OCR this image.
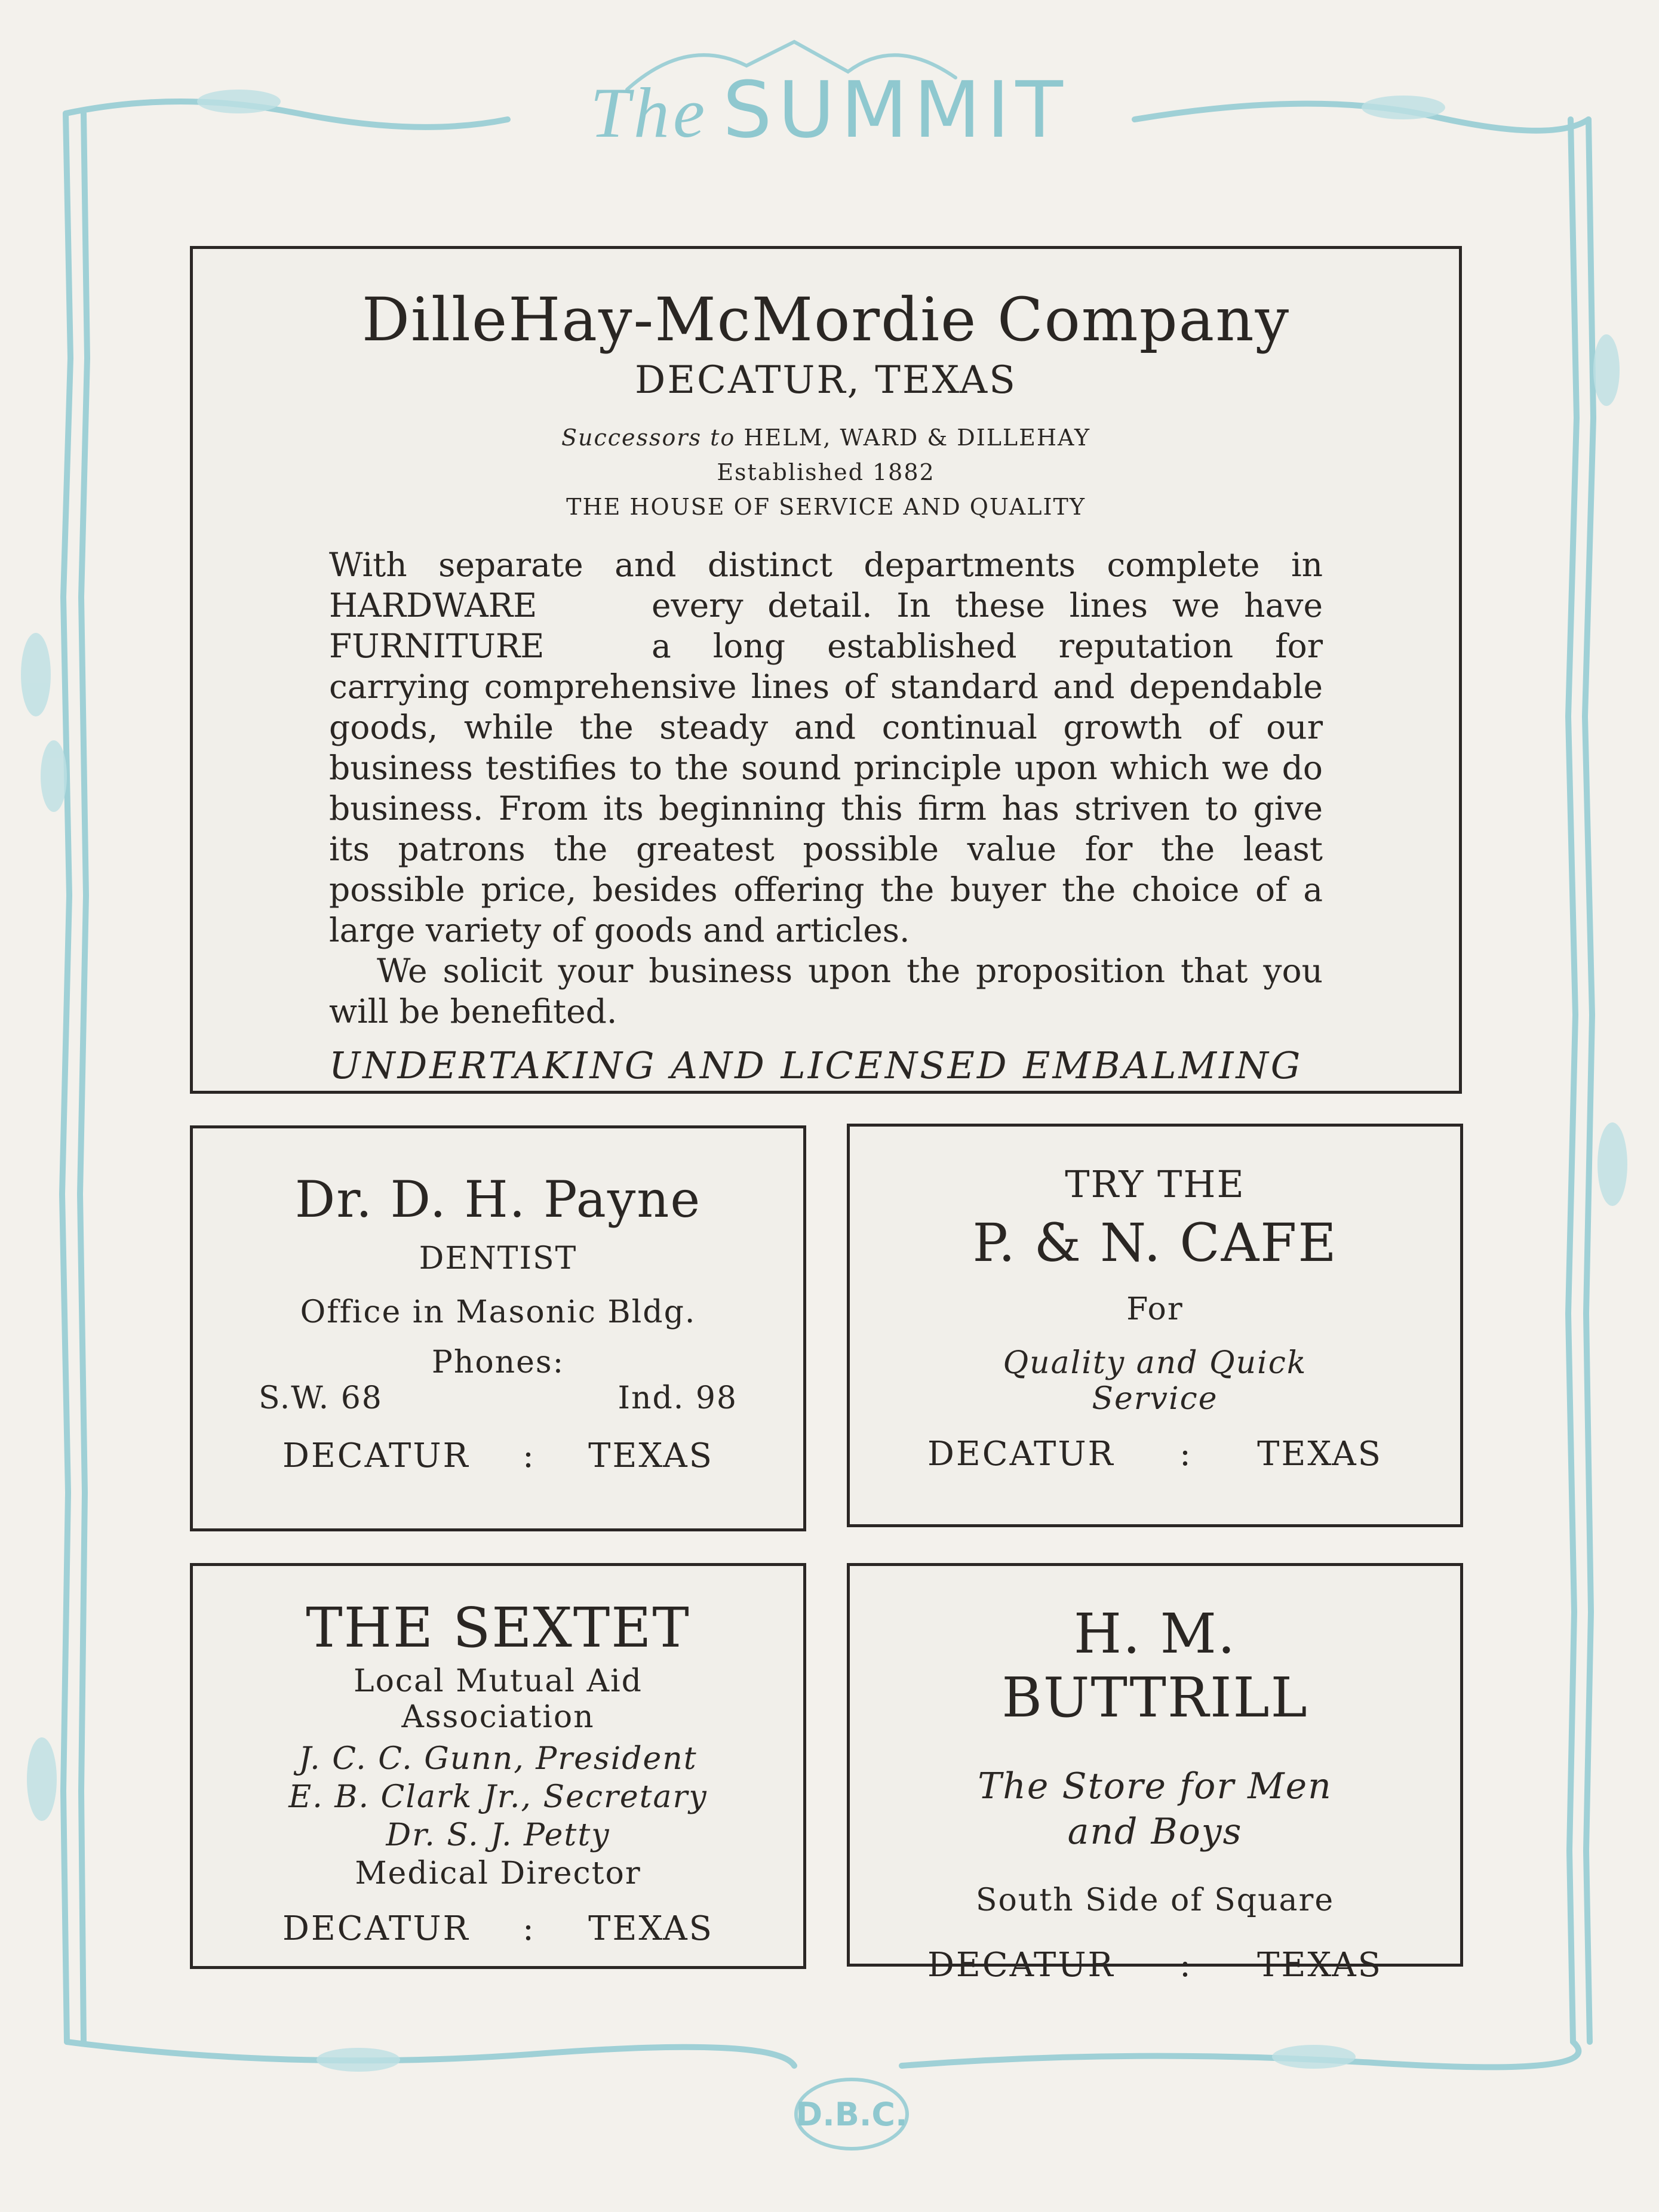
The SUMMIT
D.B.C.
DilleHay-McMordie Company
DECATUR, TEXAS
Successors to HELM, WARD & DILLEHAY
Established 1882
THE HOUSE OF SERVICE AND QUALITY
With separate and distinct departments complete in
HARDWARE	every detail. In these lines we have
FURNITURE	a long established reputation for

carrying comprehensive lines of standard and dependable goods, while the steady and continual growth of our business testifies to the sound principle upon which we do business. From its beginning this firm has striven to give its patrons the greatest possible value for the least possible price, besides offering the buyer the choice of a large variety of goods and articles.

We solicit your business upon the proposition that you will be benefited.

UNDERTAKING AND LICENSED EMBALMING
Dr. D. H. Payne
DENTIST
Office in Masonic Bldg.
Phones:
S.W. 68	Ind. 98
DECATUR : TEXAS
TRY THE
P. & N. CAFE
For
Quality and Quick
Service
DECATUR : TEXAS
THE SEXTET
Local Mutual Aid Association
J. C. C. Gunn, President
E. B. Clark Jr., Secretary
Dr. S. J. Petty
Medical Director
DECATUR : TEXAS
H. M. BUTTRILL
The Store for Men
and Boys
South Side of Square
DECATUR : TEXAS
